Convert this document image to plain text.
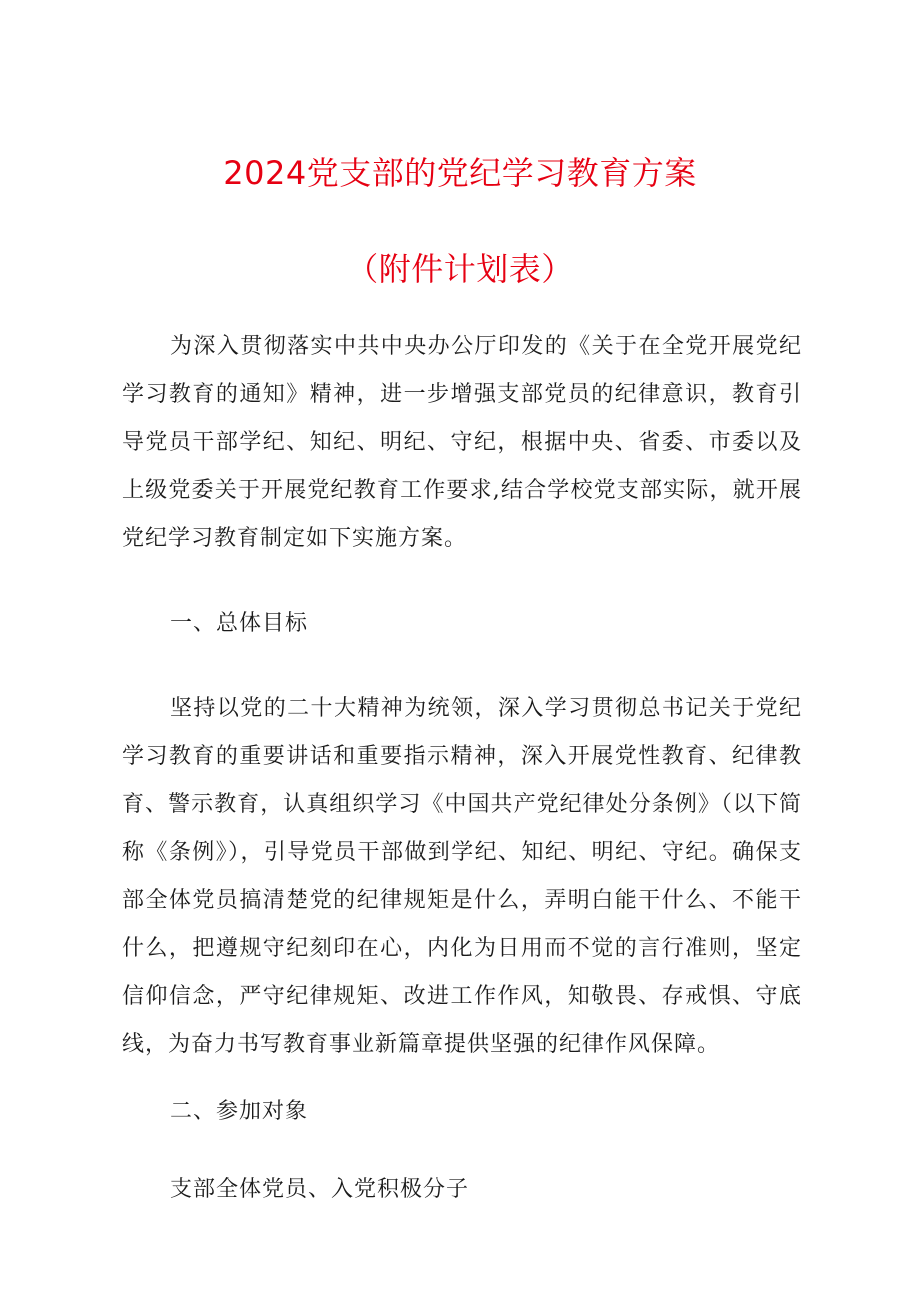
2024党支部的党纪学习教育方案
（附件计划表）

为深入贯彻落实中共中央办公厅印发的《关于在全党开展党纪学习教育的通知》精神，进一步增强支部党员的纪律意识，教育引导党员干部学纪、知纪、明纪、守纪，根据中央、省委、市委以及上级党委关于开展党纪教育工作要求,结合学校党支部实际，就开展党纪学习教育制定如下实施方案。

一、总体目标

坚持以党的二十大精神为统领，深入学习贯彻总书记关于党纪学习教育的重要讲话和重要指示精神，深入开展党性教育、纪律教育、警示教育，认真组织学习《中国共产党纪律处分条例》（以下简称《条例》），引导党员干部做到学纪、知纪、明纪、守纪。确保支部全体党员搞清楚党的纪律规矩是什么，弄明白能干什么、不能干什么，把遵规守纪刻印在心，内化为日用而不觉的言行准则，坚定信仰信念，严守纪律规矩、改进工作作风，知敬畏、存戒惧、守底线，为奋力书写教育事业新篇章提供坚强的纪律作风保障。

二、参加对象

支部全体党员、入党积极分子
